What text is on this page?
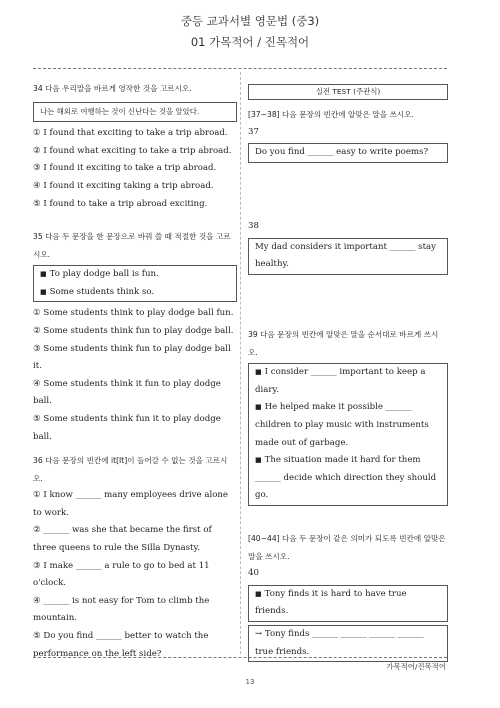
중등 교과서별 영문법 (중3)
01 가목적어 / 진목적어

34 다음 우리말을 바르게 영작한 것을 고르시오.

나는 해외로 여행하는 것이 신난다는 것을 알았다.

① I found that exciting to take a trip abroad.

② I found what exciting to take a trip abroad.

③ I found it exciting to take a trip abroad.

④ I found it exciting taking a trip abroad.

⑤ I found to take a trip abroad exciting.

35 다음 두 문장을 한 문장으로 바꿔 쓸 때 적절한 것을 고르시오.

■ To play dodge ball is fun.
■ Some students think so.

① Some students think to play dodge ball fun.

② Some students think fun to play dodge ball.

③ Some students think fun to play dodge ball it.

④ Some students think it fun to play dodge ball.

⑤ Some students think fun it to play dodge ball.

36 다음 문장의 빈칸에 it[It]이 들어갈 수 없는 것을 고르시오.

① I know ______ many employees drive alone to work.

② ______ was she that became the first of three queens to rule the Silla Dynasty.

③ I make ______ a rule to go to bed at 11 o'clock.

④ ______ is not easy for Tom to climb the mountain.

⑤ Do you find ______ better to watch the performance on the left side?

실전 TEST (주관식)

[37~38] 다음 문장의 빈칸에 알맞은 말을 쓰시오.

37

Do you find ______ easy to write poems?

38

My dad considers it important ______ stay healthy.

39 다음 문장의 빈칸에 알맞은 말을 순서대로 바르게 쓰시오.

■ I consider ______ important to keep a diary.
■ He helped make it possible ______ children to play music with instruments made out of garbage.
■ The situation made it hard for them ______ decide which direction they should go.

[40~44] 다음 두 문장이 같은 의미가 되도록 빈칸에 알맞은 말을 쓰시오.

40

■ Tony finds it is hard to have true friends.
→ Tony finds ______ ______ ______ ______ true friends.
가목적어/진목적어
13
